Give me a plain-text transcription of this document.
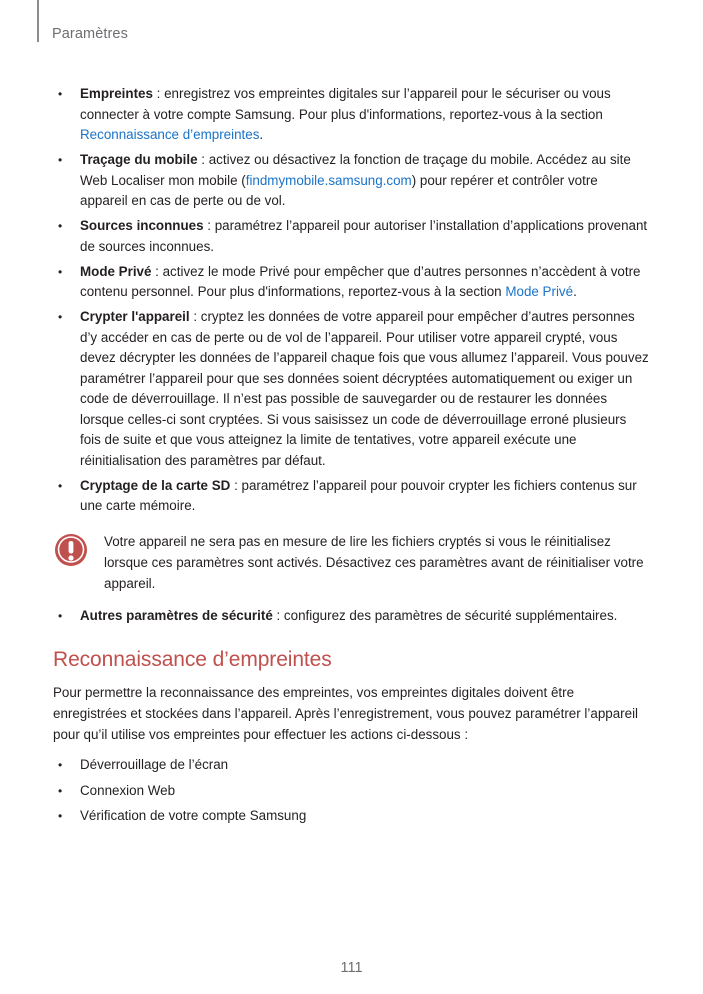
Paramètres
• Empreintes : enregistrez vos empreintes digitales sur l’appareil pour le sécuriser ou vous connecter à votre compte Samsung. Pour plus d'informations, reportez-vous à la section Reconnaissance d’empreintes.
• Traçage du mobile : activez ou désactivez la fonction de traçage du mobile. Accédez au site Web Localiser mon mobile (findmymobile.samsung.com) pour repérer et contrôler votre appareil en cas de perte ou de vol.
• Sources inconnues : paramétrez l’appareil pour autoriser l’installation d’applications provenant de sources inconnues.
• Mode Privé : activez le mode Privé pour empêcher que d’autres personnes n’accèdent à votre contenu personnel. Pour plus d'informations, reportez-vous à la section Mode Privé.
• Crypter l'appareil : cryptez les données de votre appareil pour empêcher d’autres personnes d’y accéder en cas de perte ou de vol de l’appareil. Pour utiliser votre appareil crypté, vous devez décrypter les données de l’appareil chaque fois que vous allumez l’appareil. Vous pouvez paramétrer l’appareil pour que ses données soient décryptées automatiquement ou exiger un code de déverrouillage. Il n’est pas possible de sauvegarder ou de restaurer les données lorsque celles-ci sont cryptées. Si vous saisissez un code de déverrouillage erroné plusieurs fois de suite et que vous atteignez la limite de tentatives, votre appareil exécute une réinitialisation des paramètres par défaut.
• Cryptage de la carte SD : paramétrez l’appareil pour pouvoir crypter les fichiers contenus sur une carte mémoire.
Votre appareil ne sera pas en mesure de lire les fichiers cryptés si vous le réinitialisez lorsque ces paramètres sont activés. Désactivez ces paramètres avant de réinitialiser votre appareil.
• Autres paramètres de sécurité : configurez des paramètres de sécurité supplémentaires.
Reconnaissance d’empreintes

Pour permettre la reconnaissance des empreintes, vos empreintes digitales doivent être enregistrées et stockées dans l’appareil. Après l’enregistrement, vous pouvez paramétrer l’appareil pour qu’il utilise vos empreintes pour effectuer les actions ci-dessous :

• Déverrouillage de l’écran
• Connexion Web
• Vérification de votre compte Samsung
111
